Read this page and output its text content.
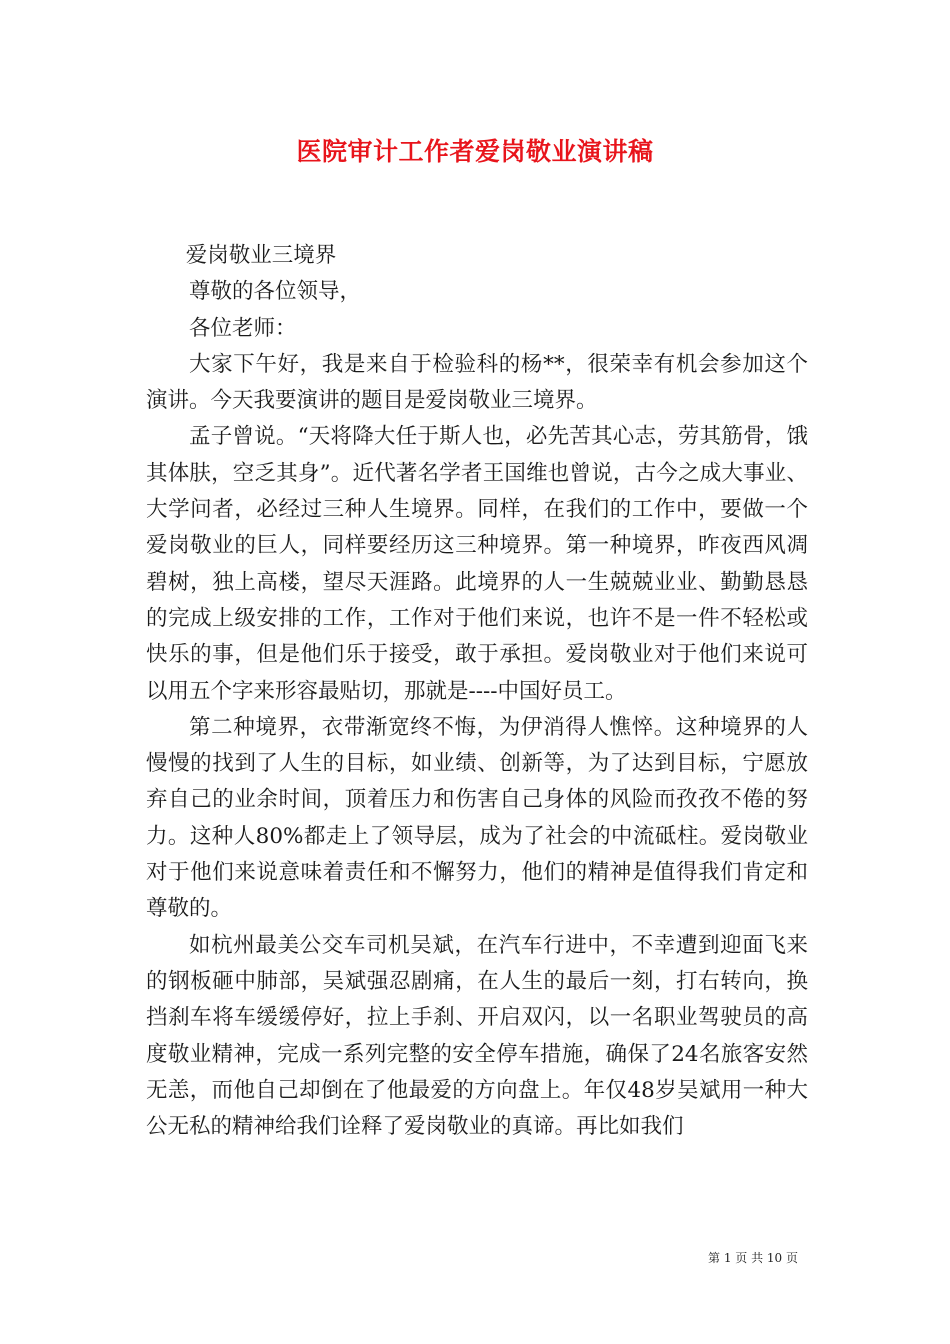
医院审计工作者爱岗敬业演讲稿

爱岗敬业三境界

尊敬的各位领导，

各位老师：

大家下午好，我是来自于检验科的杨**，很荣幸有机会参加这个演讲。今天我要演讲的题目是爱岗敬业三境界。

孟子曾说。“天将降大任于斯人也，必先苦其心志，劳其筋骨，饿其体肤，空乏其身”。近代著名学者王国维也曾说，古今之成大事业、大学问者，必经过三种人生境界。同样，在我们的工作中，要做一个爱岗敬业的巨人，同样要经历这三种境界。第一种境界，昨夜西风凋碧树，独上高楼，望尽天涯路。此境界的人一生兢兢业业、勤勤恳恳的完成上级安排的工作，工作对于他们来说，也许不是一件不轻松或快乐的事，但是他们乐于接受，敢于承担。爱岗敬业对于他们来说可以用五个字来形容最贴切，那就是----中国好员工。

第二种境界，衣带渐宽终不悔，为伊消得人憔悴。这种境界的人慢慢的找到了人生的目标，如业绩、创新等，为了达到目标，宁愿放弃自己的业余时间，顶着压力和伤害自己身体的风险而孜孜不倦的努力。这种人80%都走上了领导层，成为了社会的中流砥柱。爱岗敬业对于他们来说意味着责任和不懈努力，他们的精神是值得我们肯定和尊敬的。

如杭州最美公交车司机吴斌，在汽车行进中，不幸遭到迎面飞来的钢板砸中肺部，吴斌强忍剧痛，在人生的最后一刻，打右转向，换挡刹车将车缓缓停好，拉上手刹、开启双闪，以一名职业驾驶员的高度敬业精神，完成一系列完整的安全停车措施，确保了24名旅客安然无恙，而他自己却倒在了他最爱的方向盘上。年仅48岁吴斌用一种大公无私的精神给我们诠释了爱岗敬业的真谛。再比如我们

第 1 页 共 10 页
